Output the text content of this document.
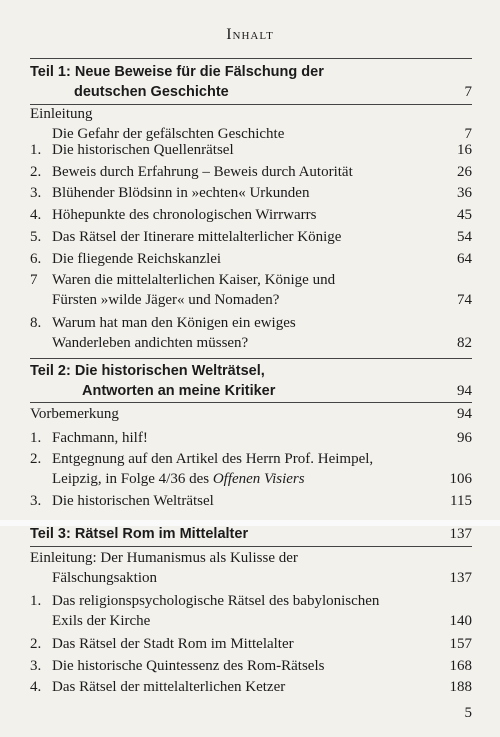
Inhalt
Teil 1: Neue Beweise für die Fälschung der
deutschen Geschichte	7
Einleitung
Die Gefahr der gefälschten Geschichte	7
1. Die historischen Quellenrätsel	16
2. Beweis durch Erfahrung – Beweis durch Autorität	26
3. Blühender Blödsinn in »echten« Urkunden	36
4. Höhepunkte des chronologischen Wirrwarrs	45
5. Das Rätsel der Itinerare mittelalterlicher Könige	54
6. Die fliegende Reichskanzlei	64
7 Waren die mittelalterlichen Kaiser, Könige und
Fürsten »wilde Jäger« und Nomaden?	74
8. Warum hat man den Königen ein ewiges
Wanderleben andichten müssen?	82
Teil 2: Die historischen Welträtsel,
Antworten an meine Kritiker	94
Vorbemerkung	94
1. Fachmann, hilf!	96
2. Entgegnung auf den Artikel des Herrn Prof. Heimpel,
Leipzig, in Folge 4/36 des Offenen Visiers	106
3. Die historischen Welträtsel	115
Teil 3: Rätsel Rom im Mittelalter	137
Einleitung: Der Humanismus als Kulisse der
Fälschungsaktion	137
1. Das religionspsychologische Rätsel des babylonischen
Exils der Kirche	140
2. Das Rätsel der Stadt Rom im Mittelalter	157
3. Die historische Quintessenz des Rom-Rätsels	168
4. Das Rätsel der mittelalterlichen Ketzer	188
5
